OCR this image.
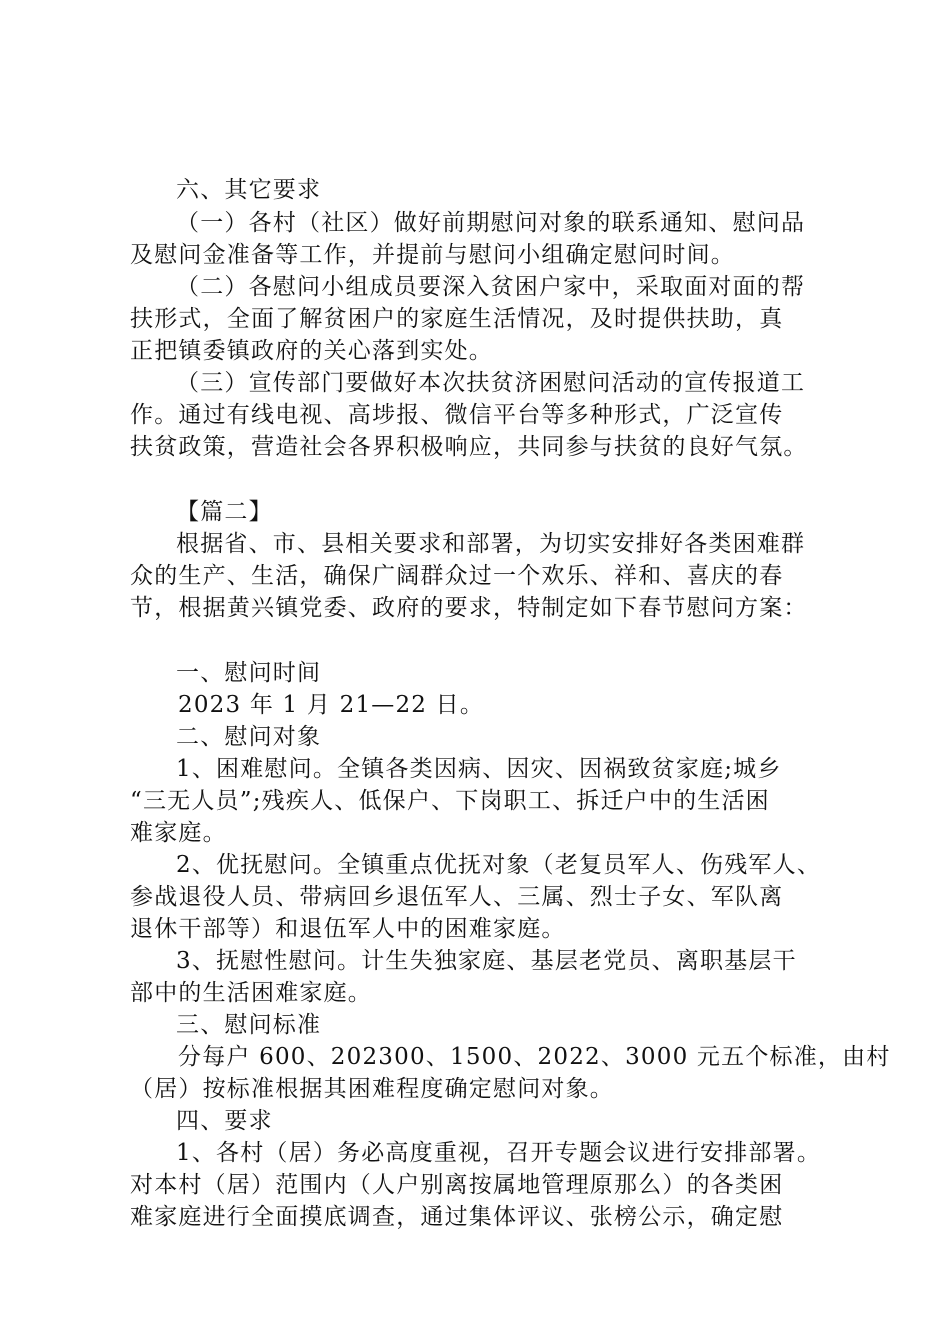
六、其它要求
（一）各村（社区）做好前期慰问对象的联系通知、慰问品
及慰问金准备等工作，并提前与慰问小组确定慰问时间。
（二）各慰问小组成员要深入贫困户家中，采取面对面的帮
扶形式，全面了解贫困户的家庭生活情况，及时提供扶助，真
正把镇委镇政府的关心落到实处。
（三）宣传部门要做好本次扶贫济困慰问活动的宣传报道工
作。通过有线电视、高埗报、微信平台等多种形式，广泛宣传
扶贫政策，营造社会各界积极响应，共同参与扶贫的良好气氛。
【篇二】
根据省、市、县相关要求和部署，为切实安排好各类困难群
众的生产、生活，确保广阔群众过一个欢乐、祥和、喜庆的春
节，根据黄兴镇党委、政府的要求，特制定如下春节慰问方案：
一、慰问时间
2023 年 1 月 21—22 日。
二、慰问对象
1、困难慰问。全镇各类因病、因灾、因祸致贫家庭;城乡
“三无人员”;残疾人、低保户、下岗职工、拆迁户中的生活困
难家庭。
2、优抚慰问。全镇重点优抚对象（老复员军人、伤残军人、
参战退役人员、带病回乡退伍军人、三属、烈士子女、军队离
退休干部等）和退伍军人中的困难家庭。
3、抚慰性慰问。计生失独家庭、基层老党员、离职基层干
部中的生活困难家庭。
三、慰问标准
分每户 600、202300、1500、2022、3000 元五个标准，由村
（居）按标准根据其困难程度确定慰问对象。
四、要求
1、各村（居）务必高度重视，召开专题会议进行安排部署。
对本村（居）范围内（人户别离按属地管理原那么）的各类困
难家庭进行全面摸底调查，通过集体评议、张榜公示，确定慰
